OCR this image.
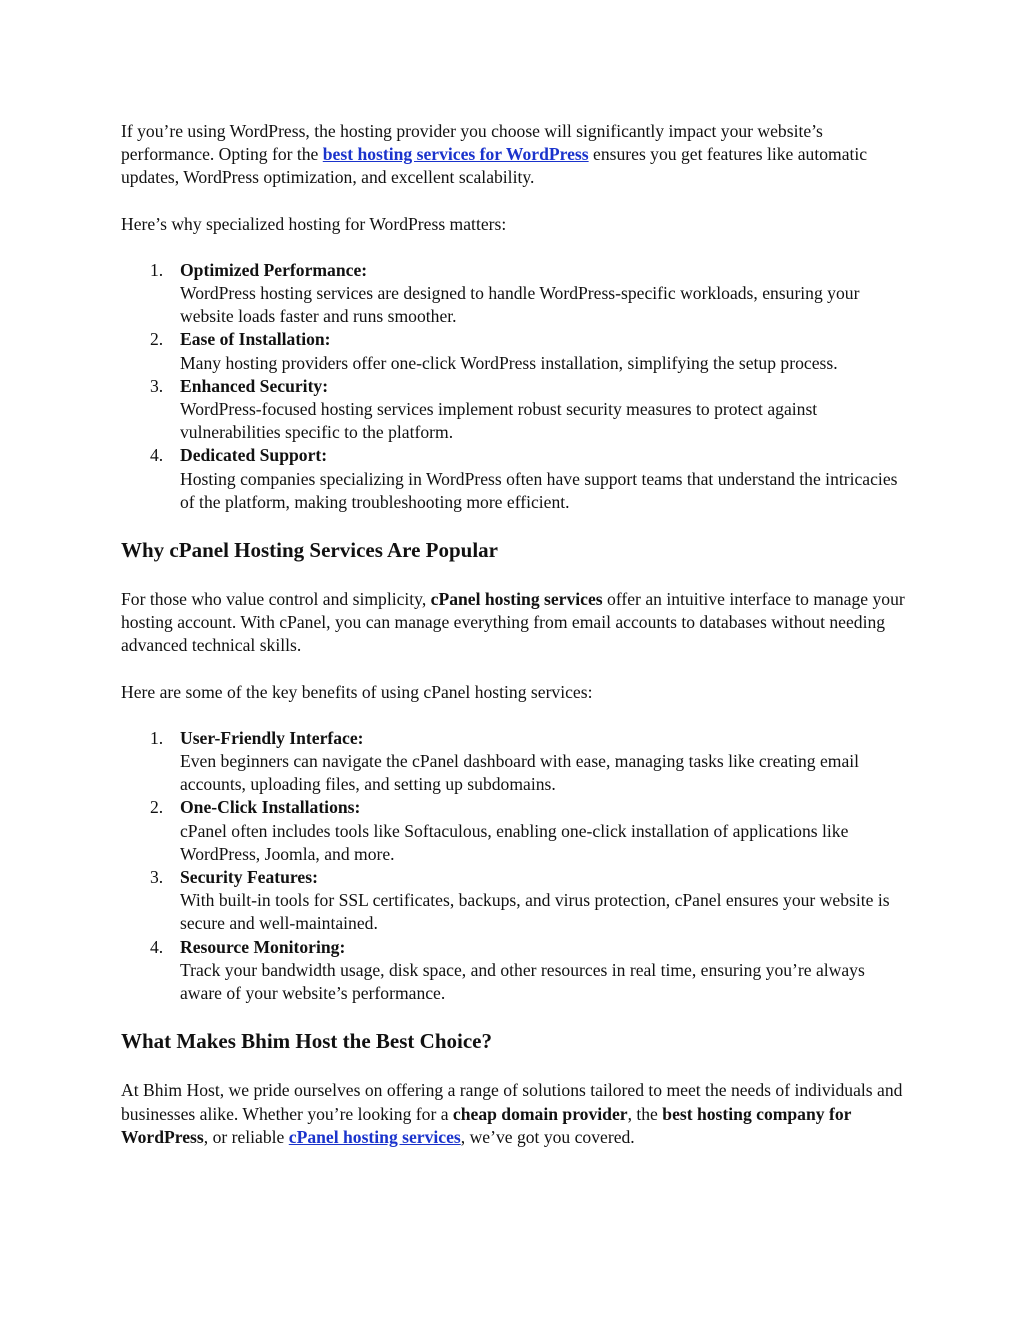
If you’re using WordPress, the hosting provider you choose will significantly impact your website’s performance. Opting for the best hosting services for WordPress ensures you get features like automatic updates, WordPress optimization, and excellent scalability.

Here’s why specialized hosting for WordPress matters:

1. Optimized Performance:
WordPress hosting services are designed to handle WordPress-specific workloads, ensuring your website loads faster and runs smoother.
2. Ease of Installation:
Many hosting providers offer one-click WordPress installation, simplifying the setup process.
3. Enhanced Security:
WordPress-focused hosting services implement robust security measures to protect against vulnerabilities specific to the platform.
4. Dedicated Support:
Hosting companies specializing in WordPress often have support teams that understand the intricacies of the platform, making troubleshooting more efficient.
Why cPanel Hosting Services Are Popular

For those who value control and simplicity, cPanel hosting services offer an intuitive interface to manage your hosting account. With cPanel, you can manage everything from email accounts to databases without needing advanced technical skills.

Here are some of the key benefits of using cPanel hosting services:

1. User-Friendly Interface:
Even beginners can navigate the cPanel dashboard with ease, managing tasks like creating email accounts, uploading files, and setting up subdomains.
2. One-Click Installations:
cPanel often includes tools like Softaculous, enabling one-click installation of applications like WordPress, Joomla, and more.
3. Security Features:
With built-in tools for SSL certificates, backups, and virus protection, cPanel ensures your website is secure and well-maintained.
4. Resource Monitoring:
Track your bandwidth usage, disk space, and other resources in real time, ensuring you’re always aware of your website’s performance.
What Makes Bhim Host the Best Choice?

At Bhim Host, we pride ourselves on offering a range of solutions tailored to meet the needs of individuals and businesses alike. Whether you’re looking for a cheap domain provider, the best hosting company for WordPress, or reliable cPanel hosting services, we’ve got you covered.
